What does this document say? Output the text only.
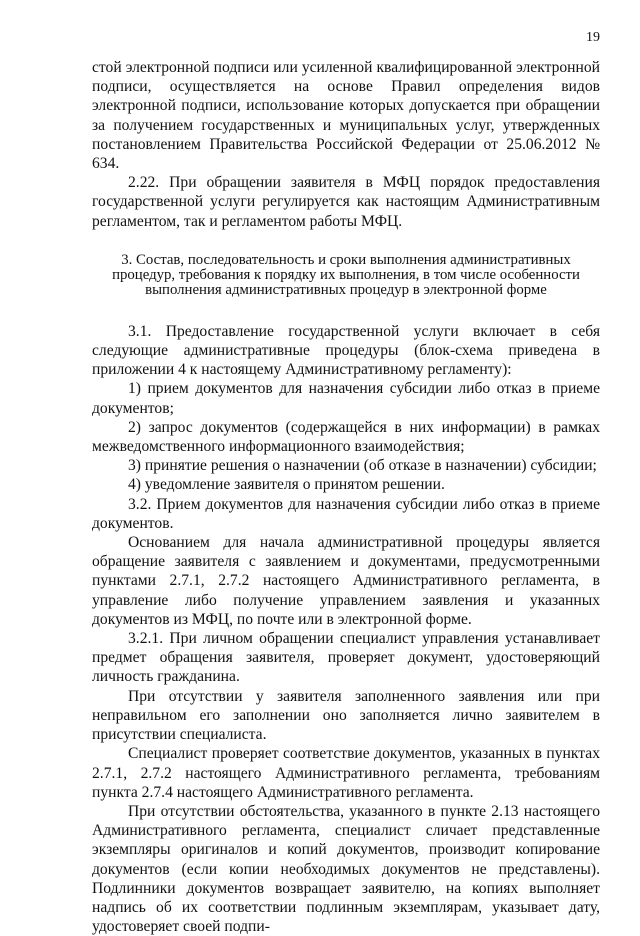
19

стой электронной подписи или усиленной квалифицированной электронной подписи, осуществляется на основе Правил определения видов электронной подписи, использование которых допускается при обращении за получением государственных и муниципальных услуг, утвержденных постановлением Правительства Российской Федерации от 25.06.2012 № 634.

2.22. При обращении заявителя в МФЦ порядок предоставления государственной услуги регулируется как настоящим Административным регламентом, так и регламентом работы МФЦ.

3. Состав, последовательность и сроки выполнения административных процедур, требования к порядку их выполнения, в том числе особенности выполнения административных процедур в электронной форме

3.1. Предоставление государственной услуги включает в себя следующие административные процедуры (блок-схема приведена в приложении 4 к настоящему Административному регламенту):

1) прием документов для назначения субсидии либо отказ в приеме документов;

2) запрос документов (содержащейся в них информации) в рамках межведомственного информационного взаимодействия;

3) принятие решения о назначении (об отказе в назначении) субсидии;

4) уведомление заявителя о принятом решении.

3.2. Прием документов для назначения субсидии либо отказ в приеме документов.

Основанием для начала административной процедуры является обращение заявителя с заявлением и документами, предусмотренными пунктами 2.7.1, 2.7.2 настоящего Административного регламента, в управление либо получение управлением заявления и указанных документов из МФЦ, по почте или в электронной форме.

3.2.1. При личном обращении специалист управления устанавливает предмет обращения заявителя, проверяет документ, удостоверяющий личность гражданина.

При отсутствии у заявителя заполненного заявления или при неправильном его заполнении оно заполняется лично заявителем в присутствии специалиста.

Специалист проверяет соответствие документов, указанных в пунктах 2.7.1, 2.7.2 настоящего Административного регламента, требованиям пункта 2.7.4 настоящего Административного регламента.

При отсутствии обстоятельства, указанного в пункте 2.13 настоящего Административного регламента, специалист сличает представленные экземпляры оригиналов и копий документов, производит копирование документов (если копии необходимых документов не представлены). Подлинники документов возвращает заявителю, на копиях выполняет надпись об их соответствии подлинным экземплярам, указывает дату, удостоверяет своей подпи-
